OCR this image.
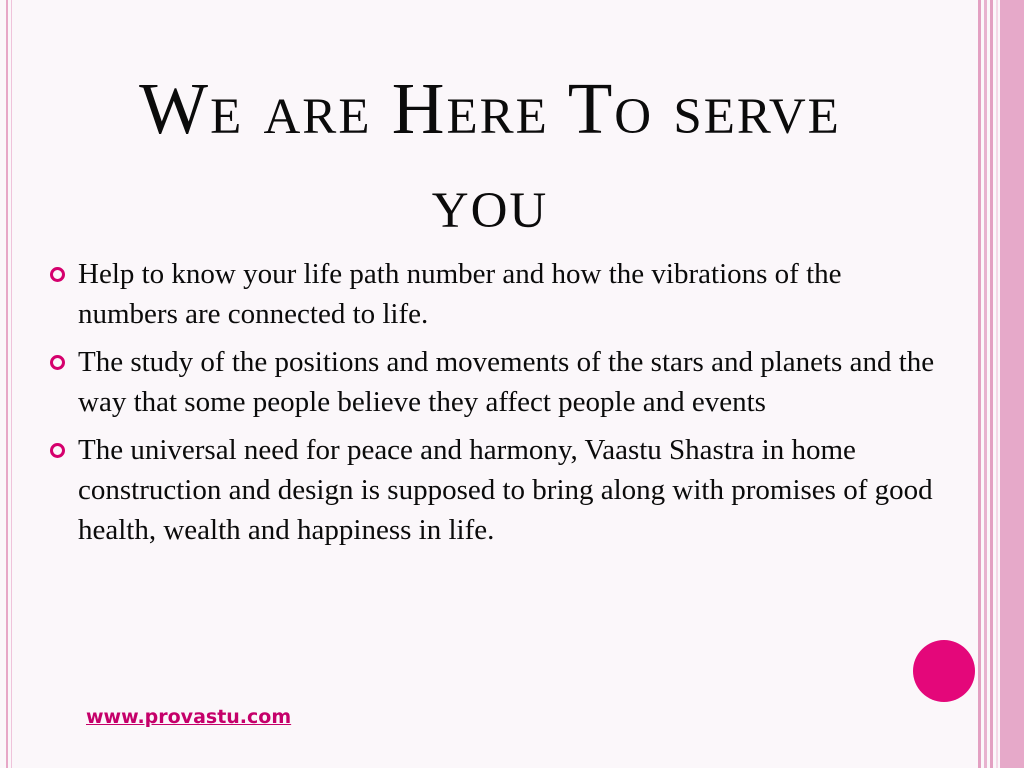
We are Here To serve
you
Help to know your life path number and how the vibrations of the numbers are connected to life.
The study of the positions and movements of the stars and planets and the way that some people believe they affect people and events
The universal need for peace and harmony, Vaastu Shastra in home construction and design is supposed to bring along with promises of good health, wealth and happiness in life.
www.provastu.com
